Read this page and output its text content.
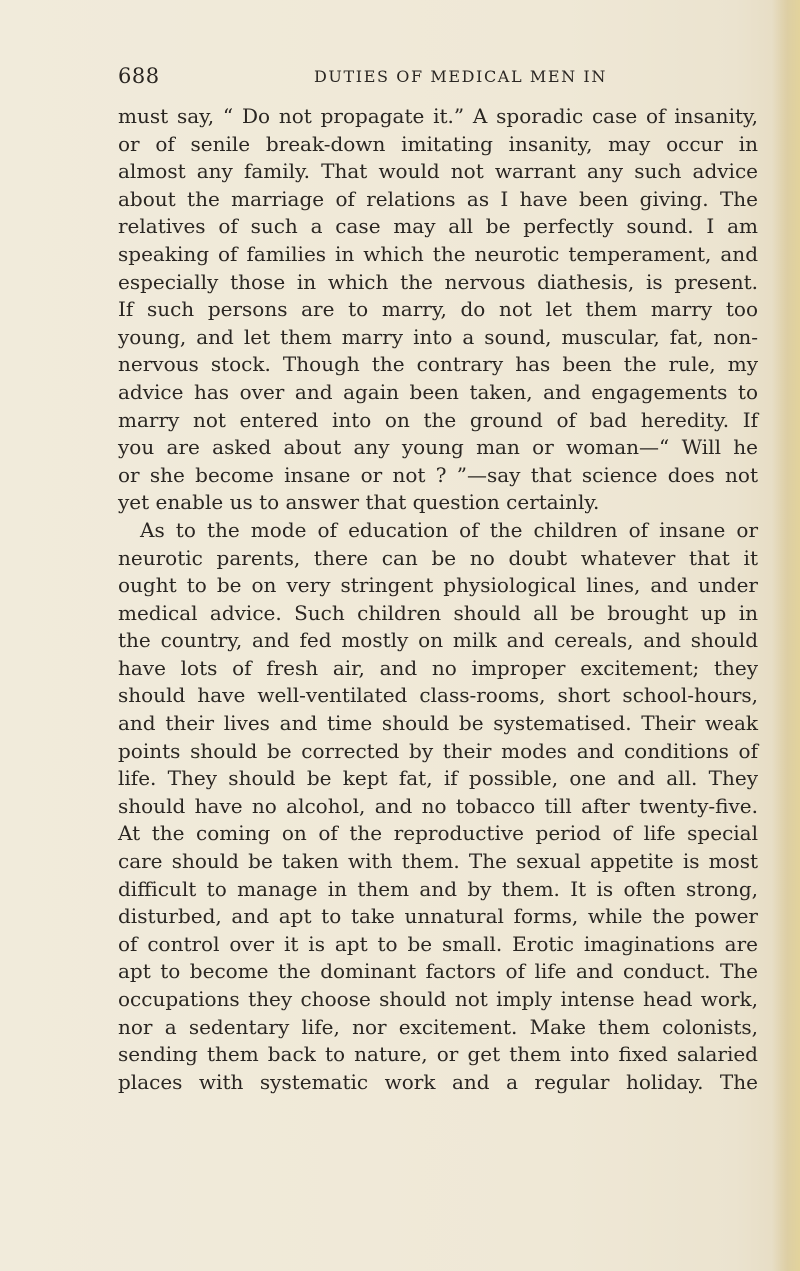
688	DUTIES OF MEDICAL MEN IN
must say, “ Do not propagate it.” A sporadic case of insanity,
or of senile break-down imitating insanity, may occur in
almost any family. That would not warrant any such advice
about the marriage of relations as I have been giving. The
relatives of such a case may all be perfectly sound. I am
speaking of families in which the neurotic temperament, and
especially those in which the nervous diathesis, is present.
If such persons are to marry, do not let them marry too
young, and let them marry into a sound, muscular, fat, non-
nervous stock. Though the contrary has been the rule, my
advice has over and again been taken, and engagements to
marry not entered into on the ground of bad heredity. If
you are asked about any young man or woman—“ Will he
or she become insane or not ? ”—say that science does not
yet enable us to answer that question certainly.
As to the mode of education of the children of insane or
neurotic parents, there can be no doubt whatever that it
ought to be on very stringent physiological lines, and under
medical advice. Such children should all be brought up in
the country, and fed mostly on milk and cereals, and should
have lots of fresh air, and no improper excitement; they
should have well-ventilated class-rooms, short school-hours,
and their lives and time should be systematised. Their weak
points should be corrected by their modes and conditions of
life. They should be kept fat, if possible, one and all. They
should have no alcohol, and no tobacco till after twenty-five.
At the coming on of the reproductive period of life special
care should be taken with them. The sexual appetite is most
difficult to manage in them and by them. It is often strong,
disturbed, and apt to take unnatural forms, while the power
of control over it is apt to be small. Erotic imaginations are
apt to become the dominant factors of life and conduct. The
occupations they choose should not imply intense head work,
nor a sedentary life, nor excitement. Make them colonists,
sending them back to nature, or get them into fixed salaried
places with systematic work and a regular holiday. The
